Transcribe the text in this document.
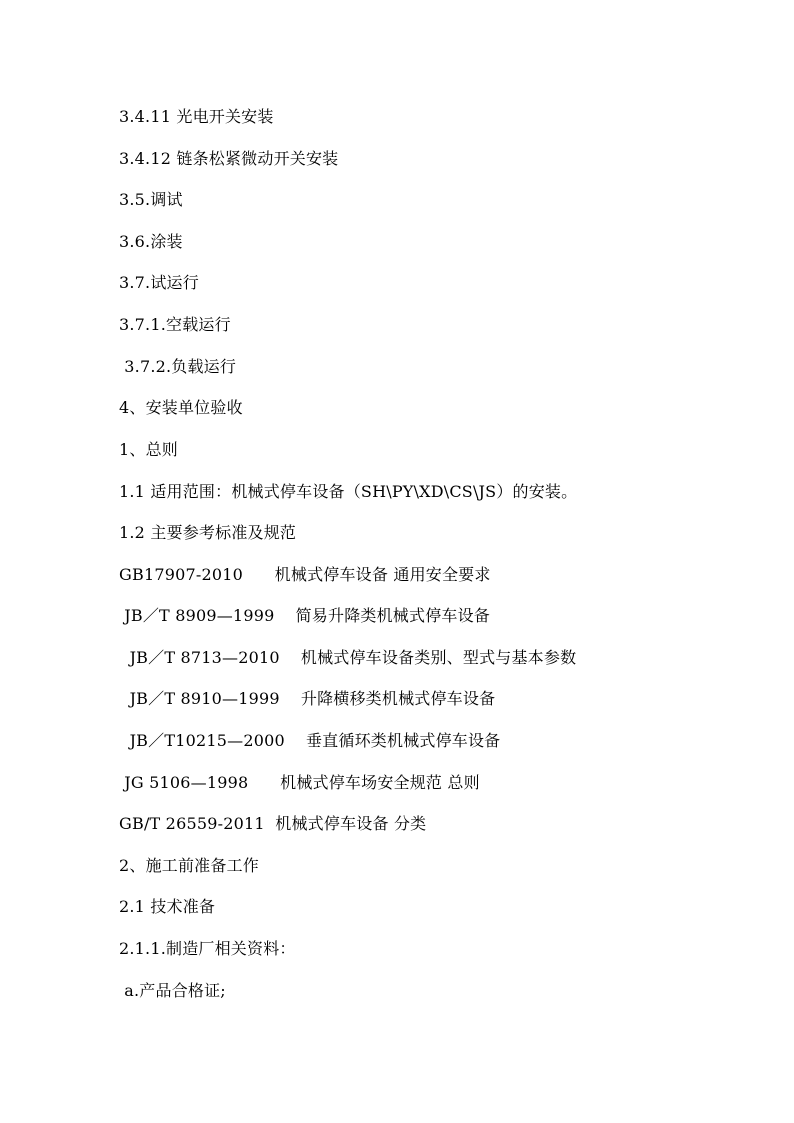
3.4.11 光电开关安装
3.4.12 链条松紧微动开关安装
3.5.调试
3.6.涂装
3.7.试运行
3.7.1.空载运行
3.7.2.负载运行
4、安装单位验收
1、总则
1.1 适用范围：机械式停车设备（SH\PY\XD\CS\JS）的安装。
1.2 主要参考标准及规范
GB17907-2010      机械式停车设备 通用安全要求
JB／T 8909—1999    简易升降类机械式停车设备
JB／T 8713—2010    机械式停车设备类别、型式与基本参数
JB／T 8910—1999    升降横移类机械式停车设备
JB／T10215—2000    垂直循环类机械式停车设备
JG 5106—1998      机械式停车场安全规范 总则
GB/T 26559-2011  机械式停车设备 分类
2、施工前准备工作
2.1 技术准备
2.1.1.制造厂相关资料：
a.产品合格证;
